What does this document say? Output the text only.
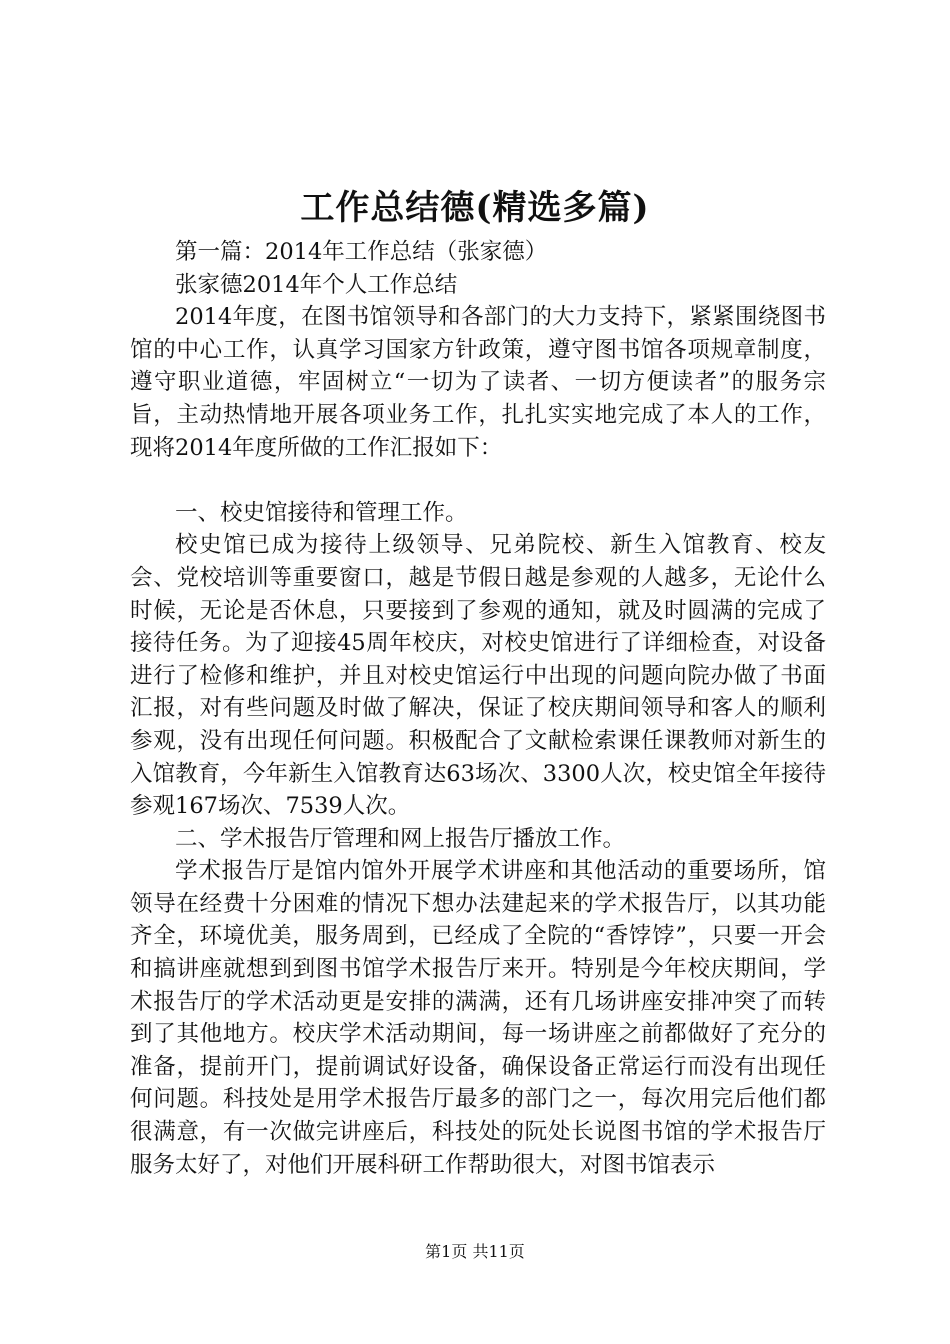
工作总结德(精选多篇)

第一篇：2014年工作总结（张家德）

张家德2014年个人工作总结

2014年度，在图书馆领导和各部门的大力支持下，紧紧围绕图书馆的中心工作，认真学习国家方针政策，遵守图书馆各项规章制度，遵守职业道德，牢固树立“一切为了读者、一切方便读者”的服务宗旨，主动热情地开展各项业务工作，扎扎实实地完成了本人的工作，现将2014年度所做的工作汇报如下：

一、校史馆接待和管理工作。

校史馆已成为接待上级领导、兄弟院校、新生入馆教育、校友会、党校培训等重要窗口，越是节假日越是参观的人越多，无论什么时候，无论是否休息，只要接到了参观的通知，就及时圆满的完成了接待任务。为了迎接45周年校庆，对校史馆进行了详细检查，对设备进行了检修和维护，并且对校史馆运行中出现的问题向院办做了书面汇报，对有些问题及时做了解决，保证了校庆期间领导和客人的顺利参观，没有出现任何问题。积极配合了文献检索课任课教师对新生的入馆教育，今年新生入馆教育达63场次、3300人次，校史馆全年接待参观167场次、7539人次。

二、学术报告厅管理和网上报告厅播放工作。

学术报告厅是馆内馆外开展学术讲座和其他活动的重要场所，馆领导在经费十分困难的情况下想办法建起来的学术报告厅，以其功能齐全，环境优美，服务周到，已经成了全院的“香饽饽”，只要一开会和搞讲座就想到到图书馆学术报告厅来开。特别是今年校庆期间，学术报告厅的学术活动更是安排的满满，还有几场讲座安排冲突了而转到了其他地方。校庆学术活动期间，每一场讲座之前都做好了充分的准备，提前开门，提前调试好设备，确保设备正常运行而没有出现任何问题。科技处是用学术报告厅最多的部门之一，每次用完后他们都很满意，有一次做完讲座后，科技处的阮处长说图书馆的学术报告厅服务太好了，对他们开展科研工作帮助很大，对图书馆表示

第1页 共11页
